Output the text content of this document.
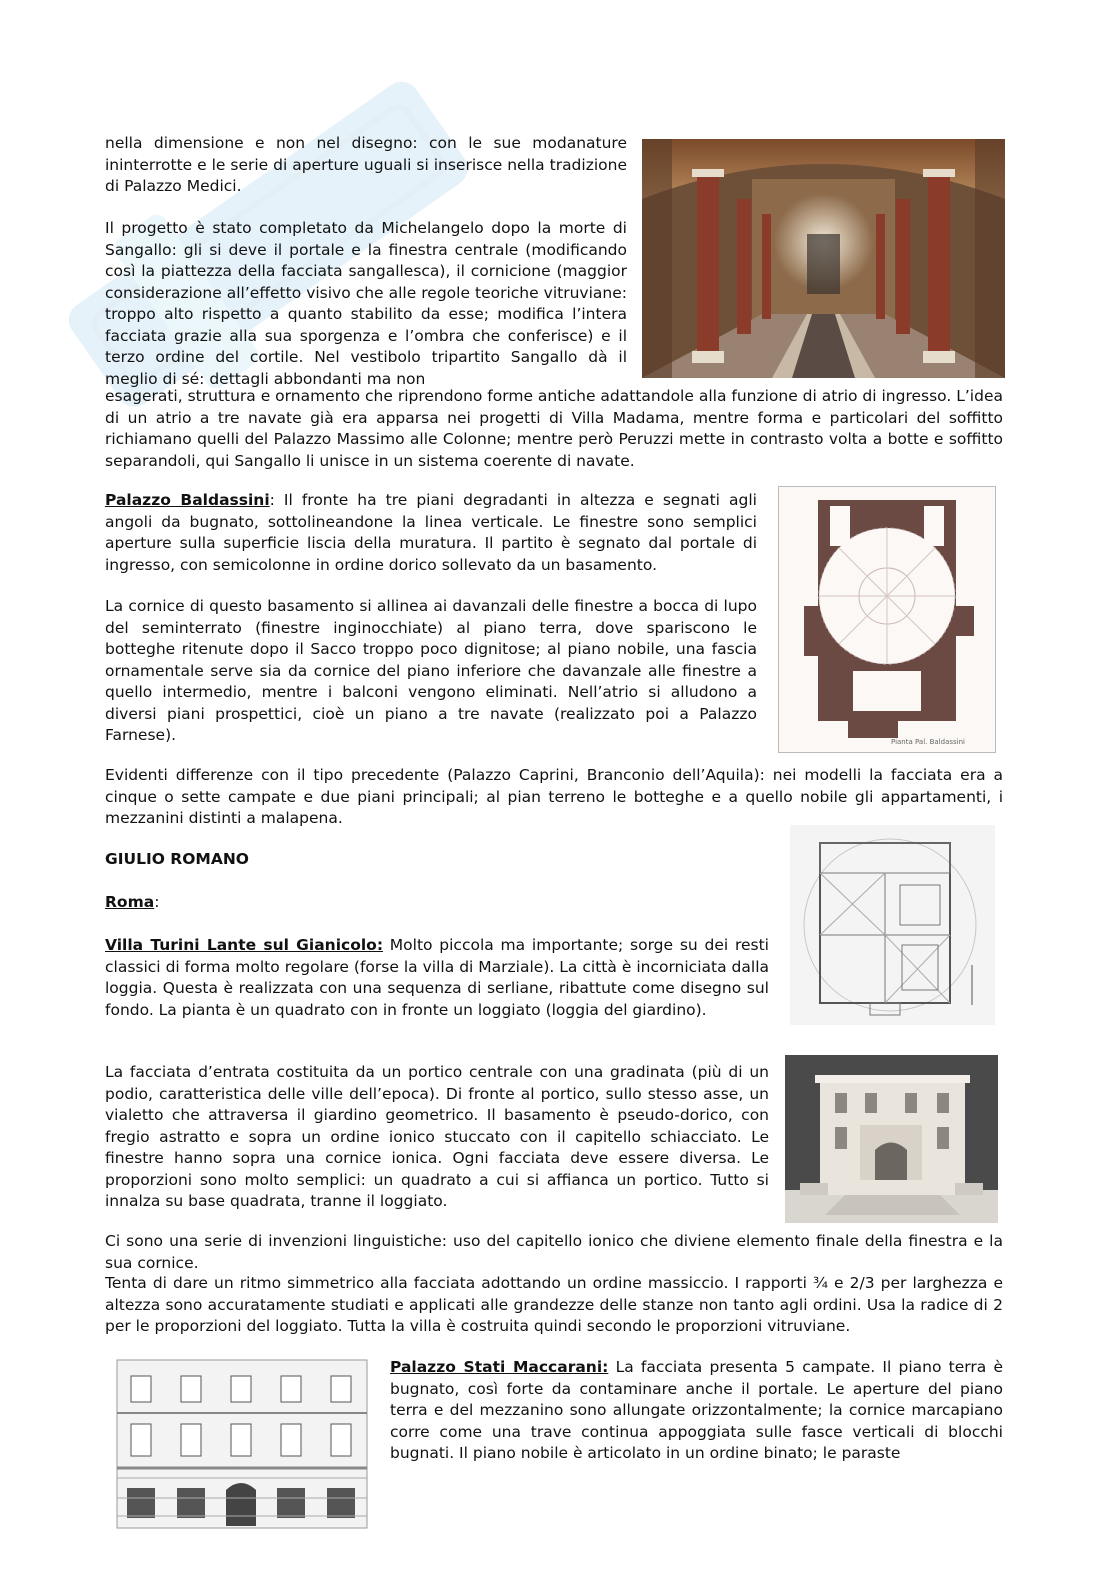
nella dimensione e non nel disegno: con le sue modanature ininterrotte e le serie di aperture uguali si inserisce nella tradizione di Palazzo Medici.

Il progetto è stato completato da Michelangelo dopo la morte di Sangallo: gli si deve il portale e la finestra centrale (modificando così la piattezza della facciata sangallesca), il cornicione (maggior considerazione all’effetto visivo che alle regole teoriche vitruviane: troppo alto rispetto a quanto stabilito da esse; modifica l’intera facciata grazie alla sua sporgenza e l’ombra che conferisce) e il terzo ordine del cortile. Nel vestibolo tripartito Sangallo dà il meglio di sé: dettagli abbondanti ma non

esagerati, struttura e ornamento che riprendono forme antiche adattandole alla funzione di atrio di ingresso. L’idea di un atrio a tre navate già era apparsa nei progetti di Villa Madama, mentre forma e particolari del soffitto richiamano quelli del Palazzo Massimo alle Colonne; mentre però Peruzzi mette in contrasto volta a botte e soffitto separandoli, qui Sangallo li unisce in un sistema coerente di navate.

Palazzo Baldassini: Il fronte ha tre piani degradanti in altezza e segnati agli angoli da bugnato, sottolineandone la linea verticale. Le finestre sono semplici aperture sulla superficie liscia della muratura. Il partito è segnato dal portale di ingresso, con semicolonne in ordine dorico sollevato da un basamento.

La cornice di questo basamento si allinea ai davanzali delle finestre a bocca di lupo del seminterrato (finestre inginocchiate) al piano terra, dove spariscono le botteghe ritenute dopo il Sacco troppo poco dignitose; al piano nobile, una fascia ornamentale serve sia da cornice del piano inferiore che davanzale alle finestre a quello intermedio, mentre i balconi vengono eliminati. Nell’atrio si alludono a diversi piani prospettici, cioè un piano a tre navate (realizzato poi a Palazzo Farnese).	Pianta Pal. Baldassini

Evidenti differenze con il tipo precedente (Palazzo Caprini, Branconio dell’Aquila): nei modelli la facciata era a cinque o sette campate e due piani principali; al pian terreno le botteghe e a quello nobile gli appartamenti, i mezzanini distinti a malapena.

GIULIO ROMANO

Roma:

Villa Turini Lante sul Gianicolo: Molto piccola ma importante; sorge su dei resti classici di forma molto regolare (forse la villa di Marziale). La città è incorniciata dalla loggia. Questa è realizzata con una sequenza di serliane, ribattute come disegno sul fondo. La pianta è un quadrato con in fronte un loggiato (loggia del giardino).

La facciata d’entrata costituita da un portico centrale con una gradinata (più di un podio, caratteristica delle ville dell’epoca). Di fronte al portico, sullo stesso asse, un vialetto che attraversa il giardino geometrico. Il basamento è pseudo-dorico, con fregio astratto e sopra un ordine ionico stuccato con il capitello schiacciato. Le finestre hanno sopra una cornice ionica. Ogni facciata deve essere diversa. Le proporzioni sono molto semplici: un quadrato a cui si affianca un portico. Tutto si innalza su base quadrata, tranne il loggiato.

Ci sono una serie di invenzioni linguistiche: uso del capitello ionico che diviene elemento finale della finestra e la sua cornice.

Tenta di dare un ritmo simmetrico alla facciata adottando un ordine massiccio. I rapporti ¾ e 2/3 per larghezza e altezza sono accuratamente studiati e applicati alle grandezze delle stanze non tanto agli ordini. Usa la radice di 2 per le proporzioni del loggiato. Tutta la villa è costruita quindi secondo le proporzioni vitruviane.

Palazzo Stati Maccarani: La facciata presenta 5 campate. Il piano terra è bugnato, così forte da contaminare anche il portale. Le aperture del piano terra e del mezzanino sono allungate orizzontalmente; la cornice marcapiano corre come una trave continua appoggiata sulle fasce verticali di blocchi bugnati. Il piano nobile è articolato in un ordine binato; le paraste
